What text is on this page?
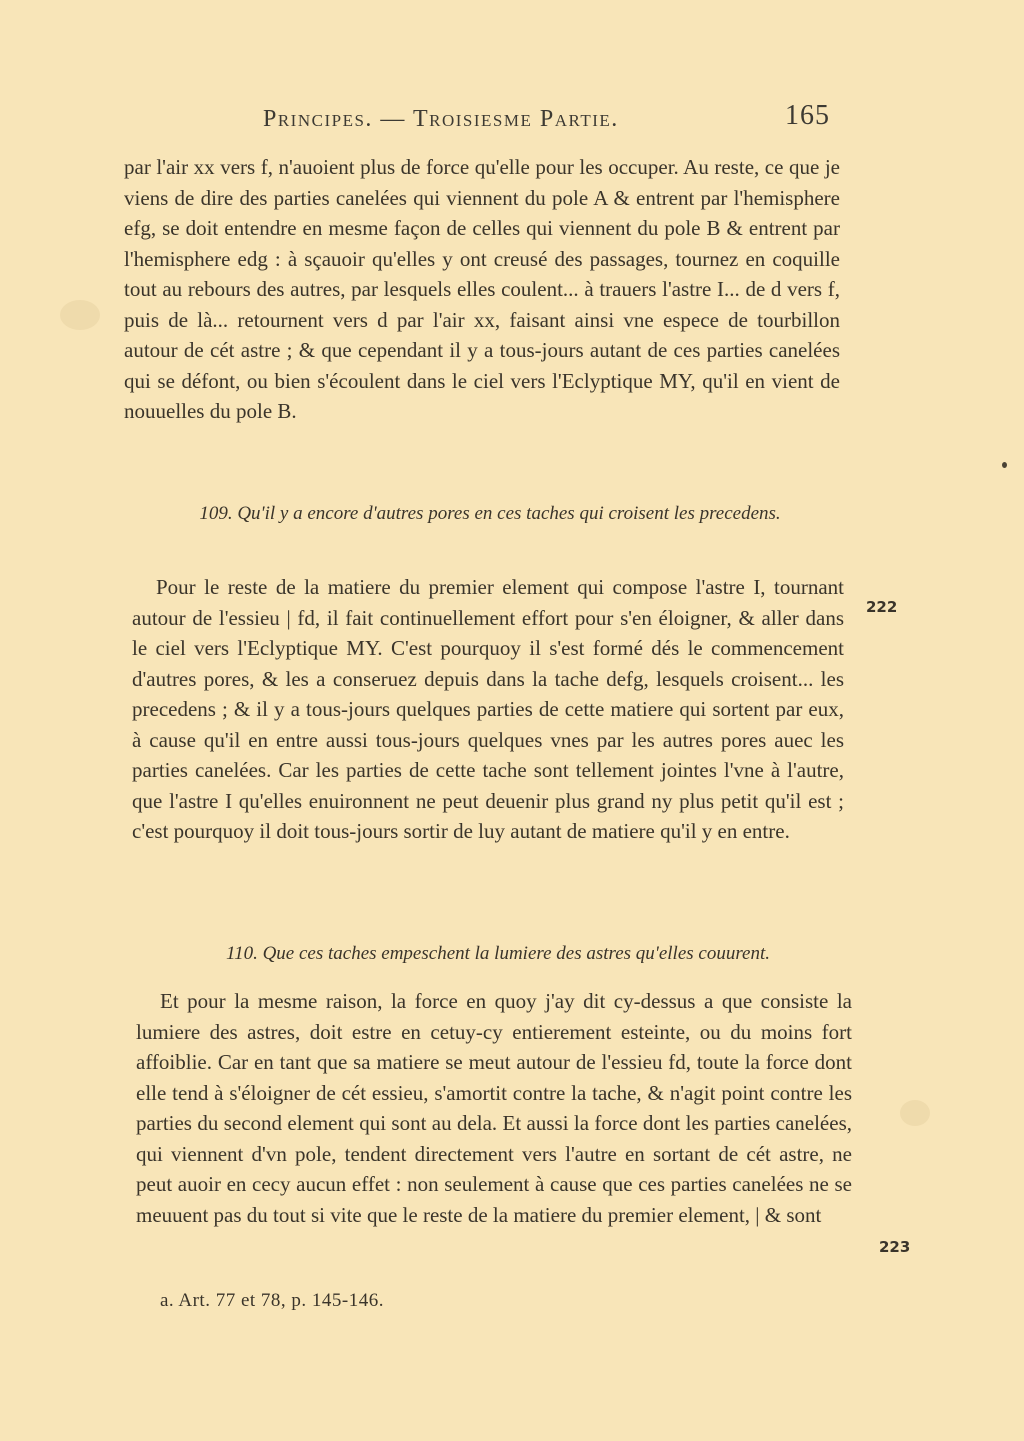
Principes. — Troisiesme Partie.	165

par l'air xx vers f, n'auoient plus de force qu'elle pour les occuper. Au reste, ce que je viens de dire des parties canelées qui viennent du pole A & entrent par l'hemisphere efg, se doit entendre en mesme façon de celles qui viennent du pole B & entrent par l'hemisphere edg : à sçauoir qu'elles y ont creusé des passages, tournez en coquille tout au rebours des autres, par lesquels elles coulent... à trauers l'astre I... de d vers f, puis de là... retournent vers d par l'air xx, faisant ainsi vne espece de tourbillon autour de cét astre ; & que cependant il y a tous-jours autant de ces parties canelées qui se défont, ou bien s'écoulent dans le ciel vers l'Eclyptique MY, qu'il en vient de nouuelles du pole B.

109. Qu'il y a encore d'autres pores en ces taches qui croisent les precedens.

Pour le reste de la matiere du premier element qui compose l'astre I, tournant autour de l'essieu | fd, il fait continuellement effort pour s'en éloigner, & aller dans le ciel vers l'Eclyptique MY. C'est pourquoy il s'est formé dés le commencement d'autres pores, & les a conseruez depuis dans la tache defg, lesquels croisent... les precedens ; & il y a tous-jours quelques parties de cette matiere qui sortent par eux, à cause qu'il en entre aussi tous-jours quelques vnes par les autres pores auec les parties canelées. Car les parties de cette tache sont tellement jointes l'vne à l'autre, que l'astre I qu'elles enuironnent ne peut deuenir plus grand ny plus petit qu'il est ; c'est pourquoy il doit tous-jours sortir de luy autant de matiere qu'il y en entre.

222
110. Que ces taches empeschent la lumiere des astres qu'elles couurent.

Et pour la mesme raison, la force en quoy j'ay dit cy-dessus a que consiste la lumiere des astres, doit estre en cetuy-cy entierement esteinte, ou du moins fort affoiblie. Car en tant que sa matiere se meut autour de l'essieu fd, toute la force dont elle tend à s'éloigner de cét essieu, s'amortit contre la tache, & n'agit point contre les parties du second element qui sont au dela. Et aussi la force dont les parties canelées, qui viennent d'vn pole, tendent directement vers l'autre en sortant de cét astre, ne peut auoir en cecy aucun effet : non seulement à cause que ces parties canelées ne se meuuent pas du tout si vite que le reste de la matiere du premier element, | & sont

223
a. Art. 77 et 78, p. 145-146.
